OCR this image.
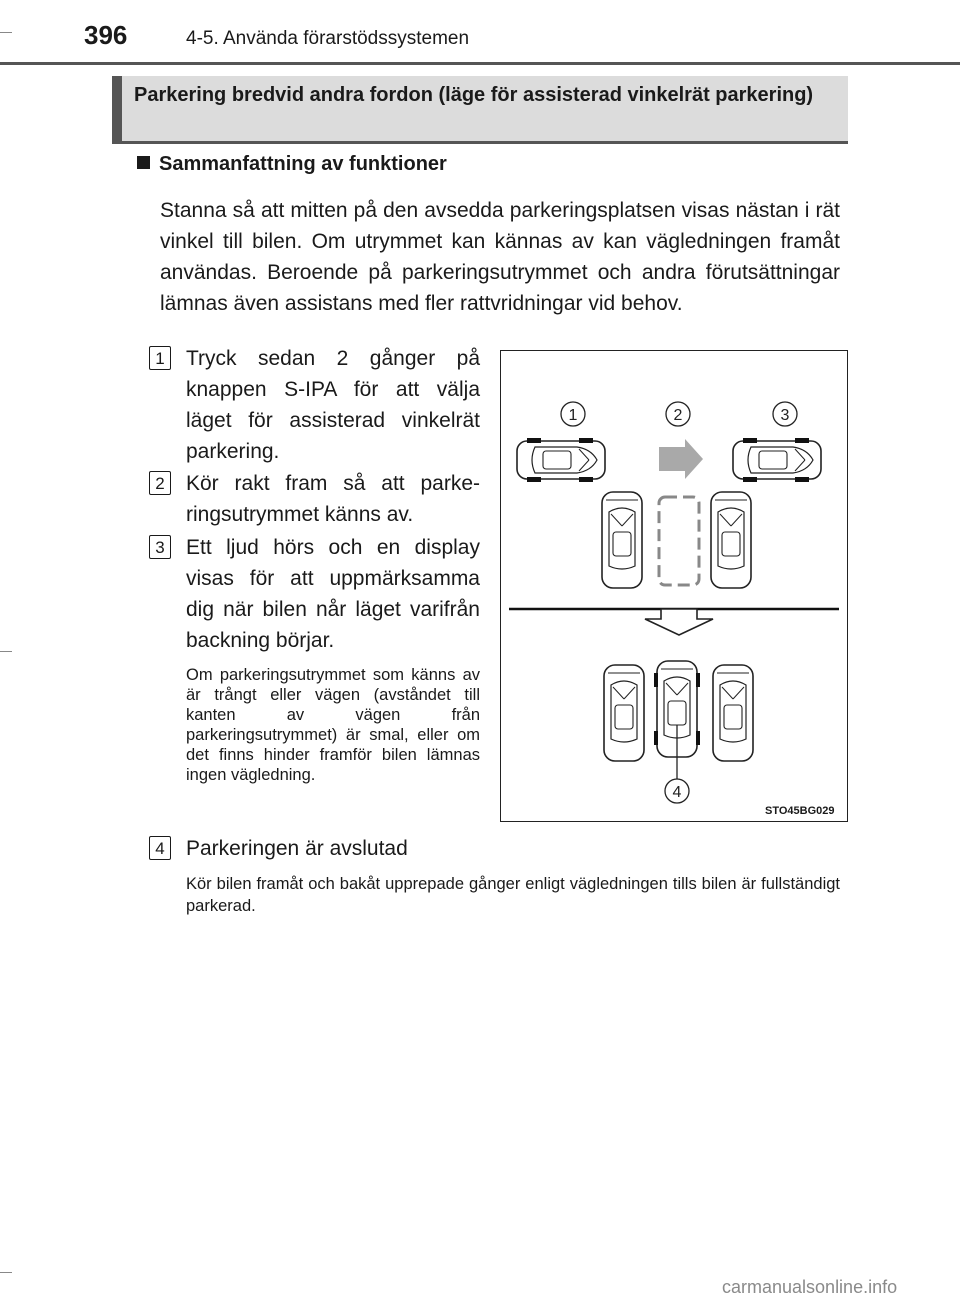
396	4-5. Använda förarstödssystemen
Parkering bredvid andra fordon (läge för assisterad vinkelrät parkering)
Sammanfattning av funktioner
Stanna så att mitten på den avsedda parkeringsplatsen visas nästan i rät vinkel till bilen. Om utrymmet kan kännas av kan vägledningen framåt användas. Beroende på parkeringsutrymmet och andra förutsättningar lämnas även assistans med fler rattvridningar vid behov.
1 Tryck sedan 2 gånger på knappen S-IPA för att välja läget för assisterad vinkelrät parkering.
2 Kör rakt fram så att parkeringsutrymmet känns av.
3 Ett ljud hörs och en display visas för att uppmärksamma dig när bilen når läget varifrån backning börjar.
Om parkeringsutrymmet som känns av är trångt eller vägen (avståndet till kanten av vägen från parkeringsutrymmet) är smal, eller om det finns hinder framför bilen lämnas ingen vägledning.
4 Parkeringen är avslutad
Kör bilen framåt och bakåt upprepade gånger enligt vägledningen tills bilen är fullständigt parkerad.
1	2	3
4
STO45BG029
carmanualsonline.info
